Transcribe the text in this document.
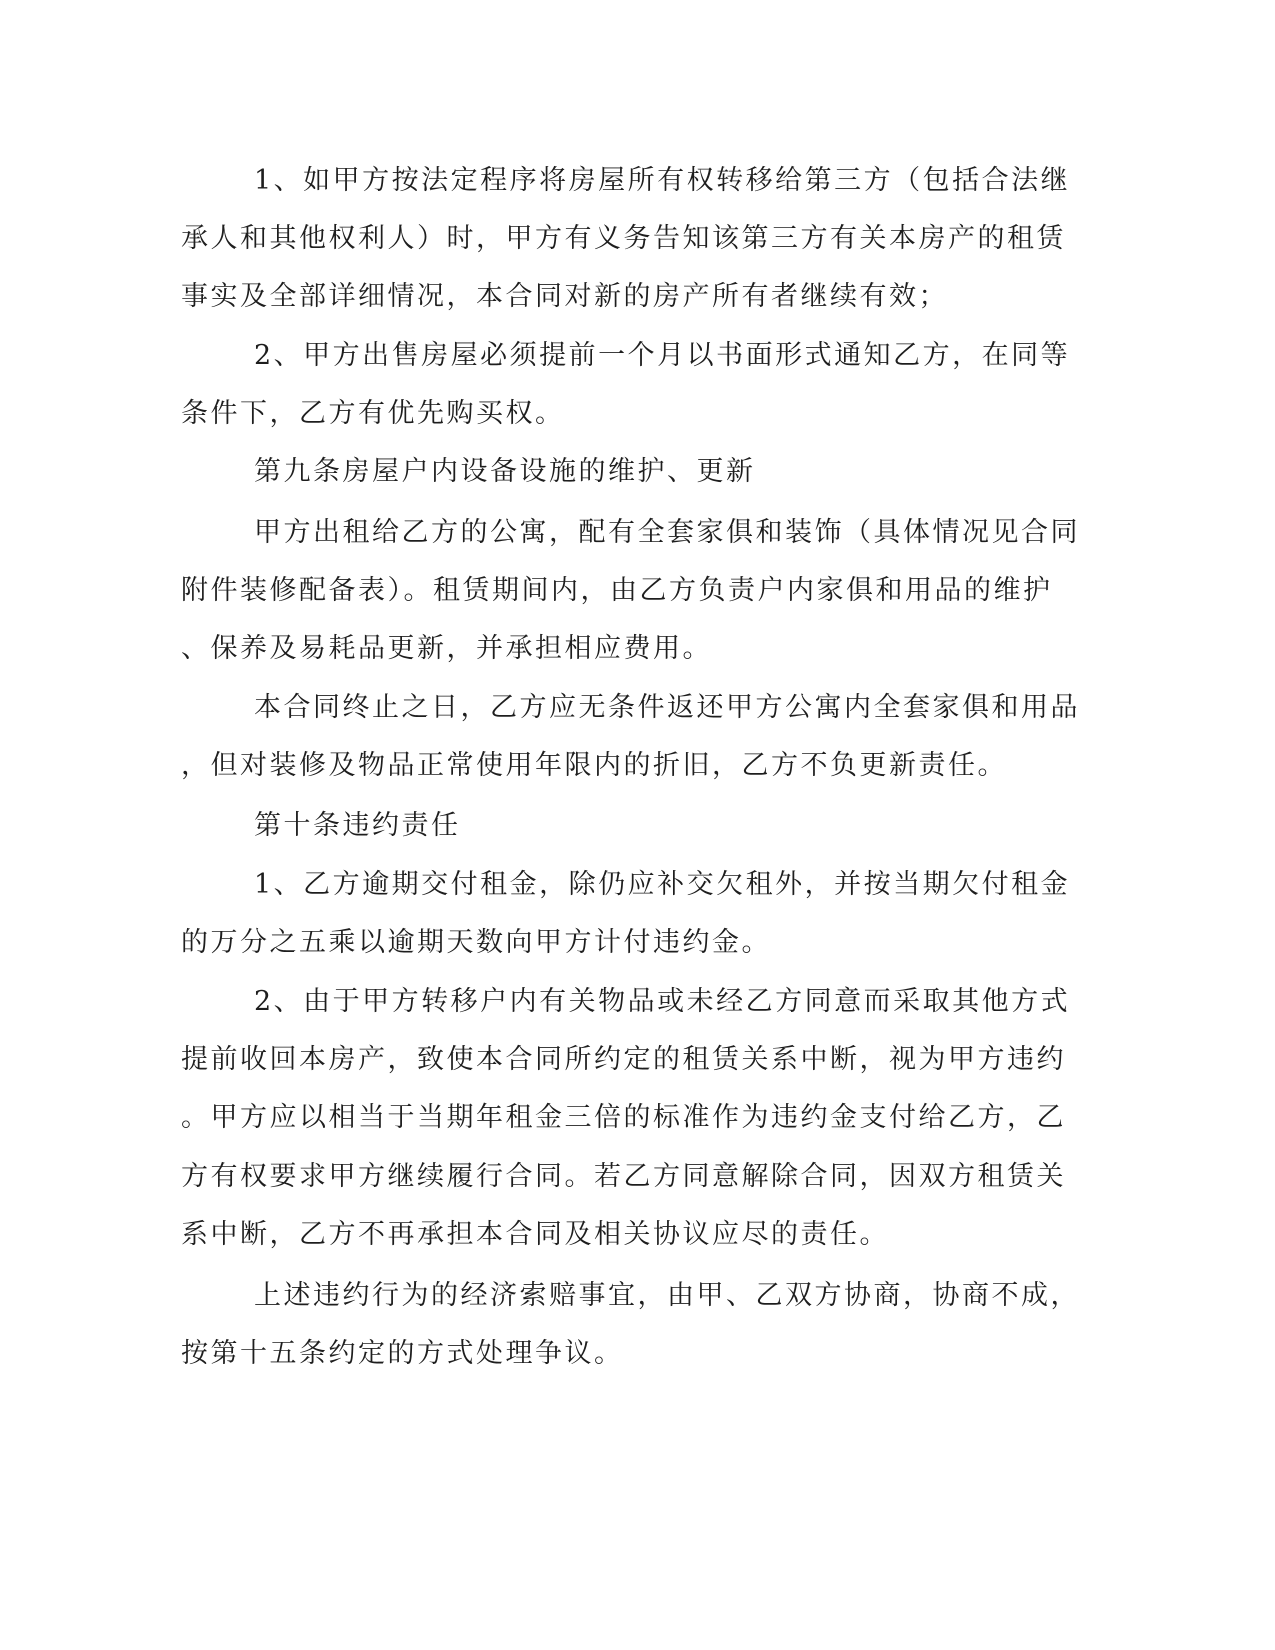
1、如甲方按法定程序将房屋所有权转移给第三方（包括合法继
承人和其他权利人）时，甲方有义务告知该第三方有关本房产的租赁
事实及全部详细情况，本合同对新的房产所有者继续有效；
2、甲方出售房屋必须提前一个月以书面形式通知乙方，在同等
条件下，乙方有优先购买权。
第九条房屋户内设备设施的维护、更新
甲方出租给乙方的公寓，配有全套家俱和装饰（具体情况见合同
附件装修配备表）。租赁期间内，由乙方负责户内家俱和用品的维护
、保养及易耗品更新，并承担相应费用。
本合同终止之日，乙方应无条件返还甲方公寓内全套家俱和用品
，但对装修及物品正常使用年限内的折旧，乙方不负更新责任。
第十条违约责任
1、乙方逾期交付租金，除仍应补交欠租外，并按当期欠付租金
的万分之五乘以逾期天数向甲方计付违约金。
2、由于甲方转移户内有关物品或未经乙方同意而采取其他方式
提前收回本房产，致使本合同所约定的租赁关系中断，视为甲方违约
。甲方应以相当于当期年租金三倍的标准作为违约金支付给乙方，乙
方有权要求甲方继续履行合同。若乙方同意解除合同，因双方租赁关
系中断，乙方不再承担本合同及相关协议应尽的责任。
上述违约行为的经济索赔事宜，由甲、乙双方协商，协商不成，
按第十五条约定的方式处理争议。
